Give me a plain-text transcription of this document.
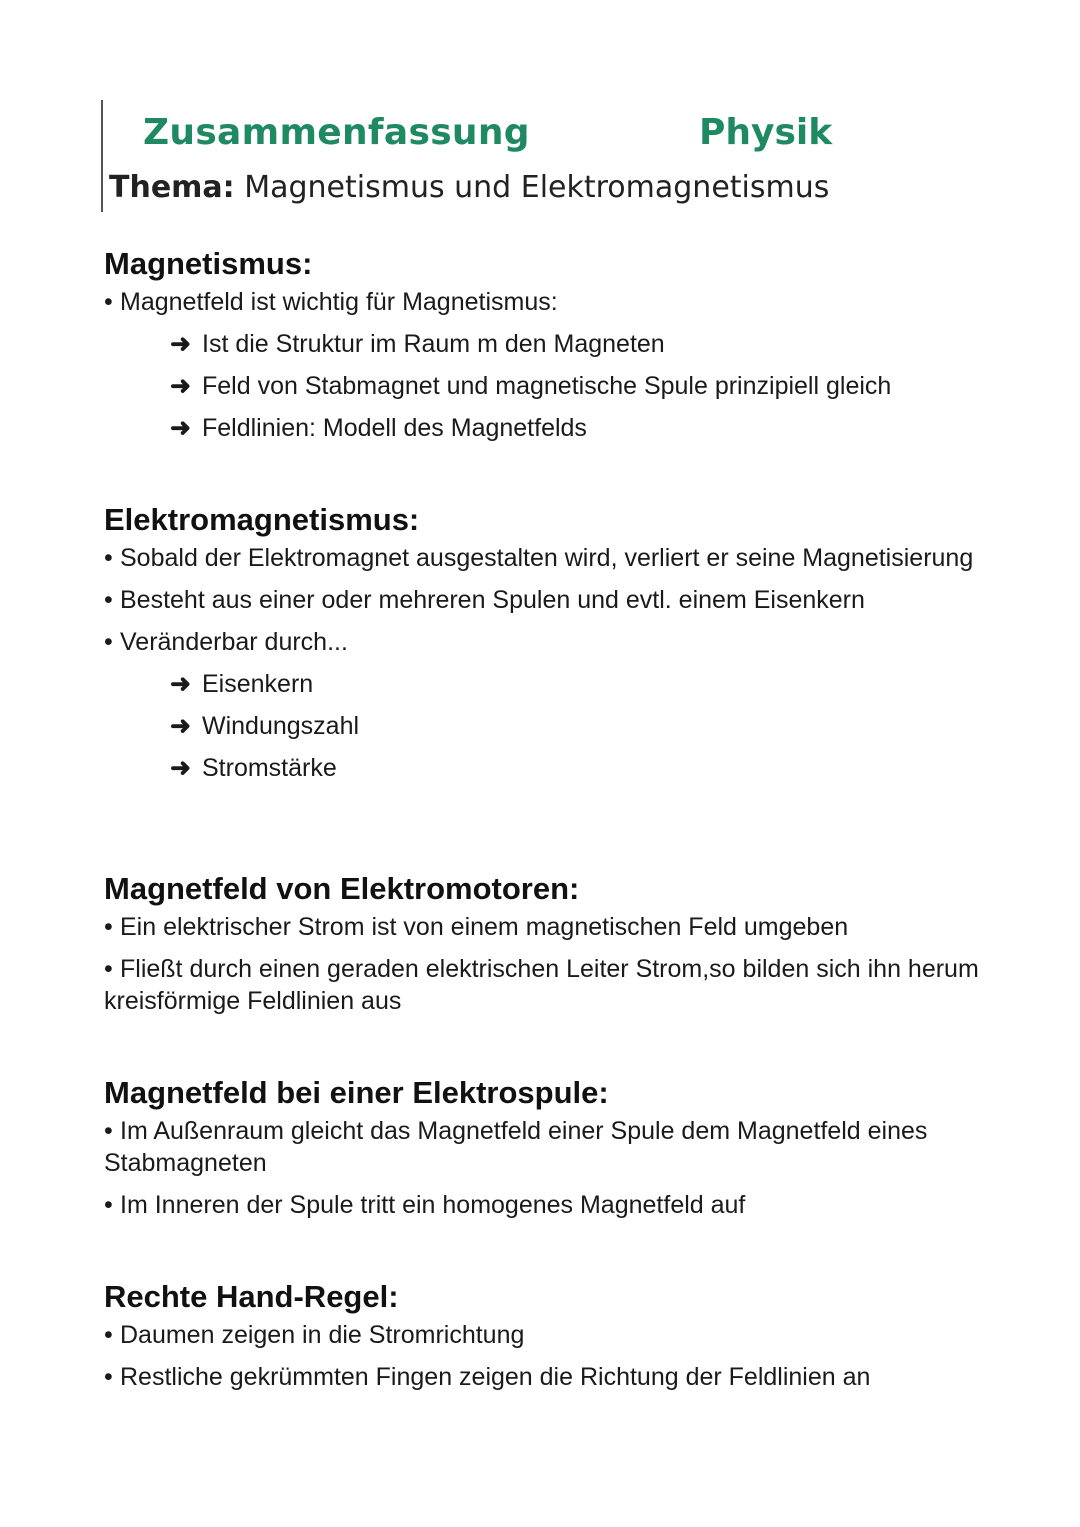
Zusammenfassung	Physik
Thema: Magnetismus und Elektromagnetismus
Magnetismus:
• Magnetfeld ist wichtig für Magnetismus:
➜ Ist die Struktur im Raum m den Magneten
➜ Feld von Stabmagnet und magnetische Spule prinzipiell gleich
➜ Feldlinien: Modell des Magnetfelds
Elektromagnetismus:
• Sobald der Elektromagnet ausgestalten wird, verliert er seine Magnetisierung
• Besteht aus einer oder mehreren Spulen und evtl. einem Eisenkern
• Veränderbar durch...
➜ Eisenkern
➜ Windungszahl
➜ Stromstärke
Magnetfeld von Elektromotoren:
• Ein elektrischer Strom ist von einem magnetischen Feld umgeben
• Fließt durch einen geraden elektrischen Leiter Strom,so bilden sich ihn herum kreisförmige Feldlinien aus
Magnetfeld bei einer Elektrospule:
• Im Außenraum gleicht das Magnetfeld einer Spule dem Magnetfeld eines Stabmagneten
• Im Inneren der Spule tritt ein homogenes Magnetfeld auf
Rechte Hand-Regel:
• Daumen zeigen in die Stromrichtung
• Restliche gekrümmten Fingen zeigen die Richtung der Feldlinien an
